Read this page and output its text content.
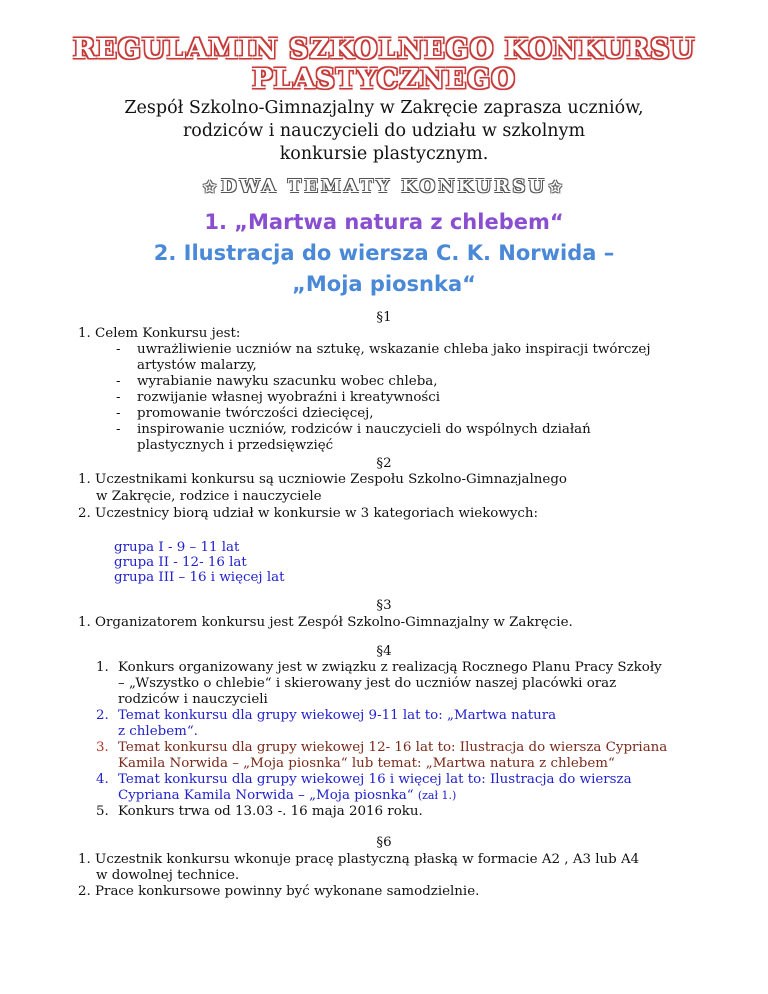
REGULAMIN SZKOLNEGO KONKURSU
PLASTYCZNEGO
Zespół Szkolno-Gimnazjalny w Zakręcie zaprasza uczniów,
rodziców i nauczycieli do udziału w szkolnym
konkursie plastycznym.
✩ DWA TEMATY KONKURSU ✩
1. „Martwa natura z chlebem“
2. Ilustracja do wiersza C. K. Norwida –
„Moja piosnka“
§1
1. Celem Konkursu jest:
- uwrażliwienie uczniów na sztukę, wskazanie chleba jako inspiracji twórczej
artystów malarzy,
- wyrabianie nawyku szacunku wobec chleba,
- rozwijanie własnej wyobraźni i kreatywności
- promowanie twórczości dziecięcej,
- inspirowanie uczniów, rodziców i nauczycieli do wspólnych działań
plastycznych i przedsięwzięć
§2
1. Uczestnikami konkursu są uczniowie Zespołu Szkolno-Gimnazjalnego
w Zakręcie, rodzice i nauczyciele
2. Uczestnicy biorą udział w konkursie w 3 kategoriach wiekowych:
grupa I - 9 – 11 lat
grupa II - 12- 16 lat
grupa III – 16 i więcej lat
§3
1. Organizatorem konkursu jest Zespół Szkolno-Gimnazjalny w Zakręcie.
§4
1. Konkurs organizowany jest w związku z realizacją Rocznego Planu Pracy Szkoły
– „Wszystko o chlebie“ i skierowany jest do uczniów naszej placówki oraz
rodziców i nauczycieli
2. Temat konkursu dla grupy wiekowej 9-11 lat to: „Martwa natura
z chlebem“.
3. Temat konkursu dla grupy wiekowej 12- 16 lat to: Ilustracja do wiersza Cypriana
Kamila Norwida – „Moja piosnka“ lub temat: „Martwa natura z chlebem“
4. Temat konkursu dla grupy wiekowej 16 i więcej lat to: Ilustracja do wiersza
Cypriana Kamila Norwida – „Moja piosnka“ (zał 1.)
5. Konkurs trwa od 13.03 -. 16 maja 2016 roku.
§6
1. Uczestnik konkursu wkonuje pracę plastyczną płaską w formacie A2 , A3 lub A4
w dowolnej technice.
2. Prace konkursowe powinny być wykonane samodzielnie.
